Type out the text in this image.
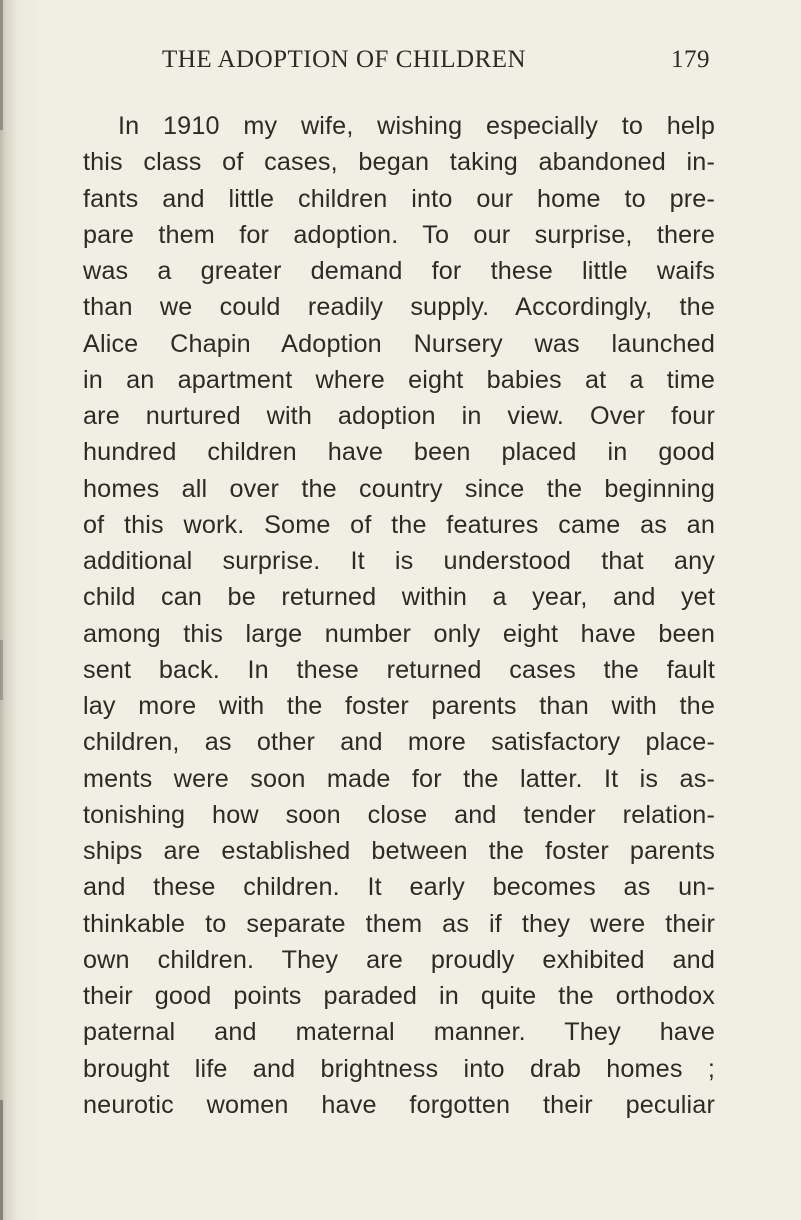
THE ADOPTION OF CHILDREN	179
In 1910 my wife, wishing especially to help
this class of cases, began taking abandoned in-
fants and little children into our home to pre-
pare them for adoption. To our surprise, there
was a greater demand for these little waifs
than we could readily supply. Accordingly, the
Alice Chapin Adoption Nursery was launched
in an apartment where eight babies at a time
are nurtured with adoption in view. Over four
hundred children have been placed in good
homes all over the country since the beginning
of this work. Some of the features came as an
additional surprise. It is understood that any
child can be returned within a year, and yet
among this large number only eight have been
sent back. In these returned cases the fault
lay more with the foster parents than with the
children, as other and more satisfactory place-
ments were soon made for the latter. It is as-
tonishing how soon close and tender relation-
ships are established between the foster parents
and these children. It early becomes as un-
thinkable to separate them as if they were their
own children. They are proudly exhibited and
their good points paraded in quite the orthodox
paternal and maternal manner. They have
brought life and brightness into drab homes ;
neurotic women have forgotten their peculiar
